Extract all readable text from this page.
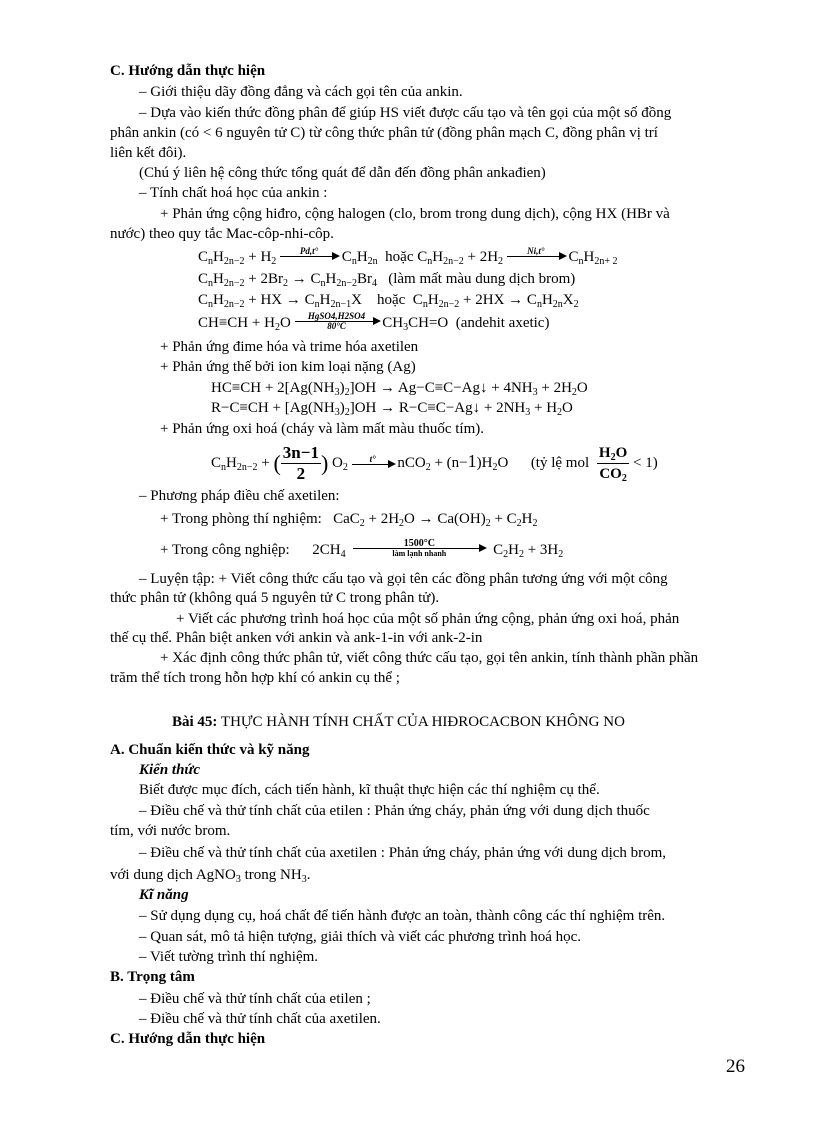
C. Hướng dẫn thực hiện
– Giới thiệu dãy đồng đẳng và cách gọi tên của ankin.
– Dựa vào kiến thức đồng phân để giúp HS viết được cấu tạo và tên gọi của một số đồng
phân ankin (có < 6 nguyên tử C) từ công thức phân tử (đồng phân mạch C, đồng phân vị trí
liên kết đôi).
(Chú ý liên hệ công thức tổng quát để dẫn đến đồng phân ankađien)
– Tính chất hoá học của ankin :
+ Phản ứng cộng hiđro, cộng halogen (clo, brom trong dung dịch), cộng HX (HBr và
nước) theo quy tắc Mac-côp-nhi-côp.
$C_nH_{2n-2} + H_2$
Pd,t°	$C_nH_{2n}$ hoặc $C_nH_{2n-2} + 2H_2$
Ni,t°	$C_nH_{2n+ 2}$
$C_nH_{2n-2} + 2Br_2 \to C_nH_{2n-2}Br_4$ (làm mất màu dung dịch brom)
$C_nH_{2n-2}$ + HX → $C_nH_{2n-1}X$    hoặc  $C_nH_{2n-2} + 2HX \to C_nH_{2n}X_2$
$CH\equiv CH + H_2O$	HgSO4,H2SO4
80°C	$CH_3CH=O$  (andehit axetic)
+ Phản ứng đime hóa và trime hóa axetilen
+ Phản ứng thế bởi ion kim loại nặng (Ag)
$HC\equiv CH + 2[Ag(NH_3)_2]OH$ → Ag−C≡C−Ag↓ + $4NH_3 + 2H_2O$
$R-C\equiv CH + [Ag(NH_3)_2]OH$ → R−C≡C−Ag↓ + $2NH_3 + H_2O$
+ Phản ứng oxi hoá (cháy và làm mất màu thuốc tím).
$C_nH_{2n-2}$ + ( $\frac{3n-1}{2}$ ) $O_2$
t°	$nCO_2 + (n-1)H_2O$      (tỷ lệ mol $\frac{H_2O}{CO_2} < 1$)
– Phương pháp điều chế axetilen:
+ Trong phòng thí nghiệm:   $CaC_2 + 2H_2O \to Ca(OH)_2 + C_2H_2$
+ Trong công nghiệp:      $2CH_4$
1500°C
làm lạnh nhanh	$C_2H_2 + 3H_2$
– Luyện tập: + Viết công thức cấu tạo và gọi tên các đồng phân tương ứng với một công
thức phân tử (không quá 5 nguyên tử C trong phân tử).
+ Viết các phương trình hoá học của một số phản ứng cộng, phản ứng oxi hoá, phản
thế cụ thể. Phân biệt anken với ankin và ank-1-in với ank-2-in
+ Xác định công thức phân tử, viết công thức cấu tạo, gọi tên ankin, tính thành phần phần
trăm thể tích trong hỗn hợp khí có ankin cụ thể ;
Bài 45: THỰC HÀNH TÍNH CHẤT CỦA HIĐROCACBON KHÔNG NO
A. Chuẩn kiến thức và kỹ năng
Kiến thức
Biết được mục đích, cách tiến hành, kĩ thuật thực hiện các thí nghiệm cụ thể.
– Điều chế và thử tính chất của etilen : Phản ứng cháy, phản ứng với dung dịch thuốc
tím, với nước brom.
– Điều chế và thử tính chất của axetilen : Phản ứng cháy, phản ứng với dung dịch brom,
với dung dịch AgNO$_3$ trong $NH_3$.
Kĩ năng
– Sử dụng dụng cụ, hoá chất để tiến hành được an toàn, thành công các thí nghiệm trên.
– Quan sát, mô tả hiện tượng, giải thích và viết các phương trình hoá học.
– Viết tường trình thí nghiệm.
B. Trọng tâm
– Điều chế và thử tính chất của etilen ;
– Điều chế và thử tính chất của axetilen.
C. Hướng dẫn thực hiện
26
